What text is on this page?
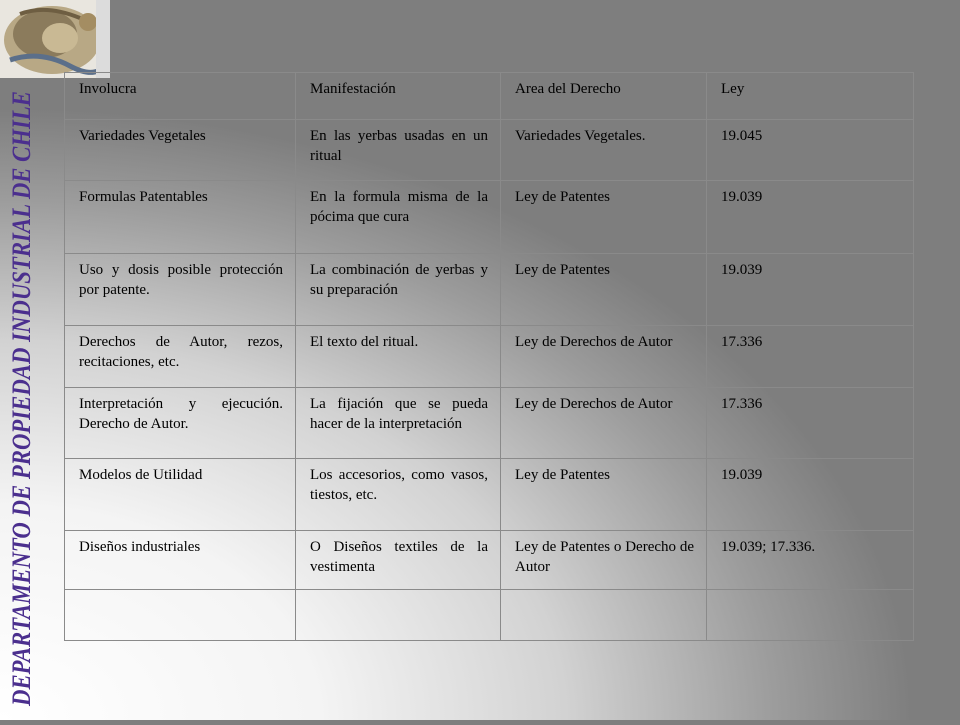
DEPARTAMENTO DE PROPIEDAD INDUSTRIAL DE CHILE	Involucra	Manifestación	Area del Derecho	Ley
Variedades Vegetales	En las yerbas usadas en un ritual	Variedades Vegetales.	19.045
Formulas Patentables	En la formula misma de la pócima que cura	Ley de Patentes	19.039
Uso y dosis posible protección por patente.	La combinación de yerbas y su preparación	Ley de Patentes	19.039
Derechos de Autor, rezos, recitaciones, etc.	El texto del ritual.	Ley de Derechos de Autor	17.336
Interpretación y ejecución. Derecho de Autor.	La fijación que se pueda hacer de la interpretación	Ley de Derechos de Autor	17.336
Modelos de Utilidad	Los accesorios, como vasos, tiestos, etc.	Ley de Patentes	19.039
Diseños industriales	O Diseños textiles de la vestimenta	Ley de Patentes o Derecho de Autor	19.039; 17.336.
